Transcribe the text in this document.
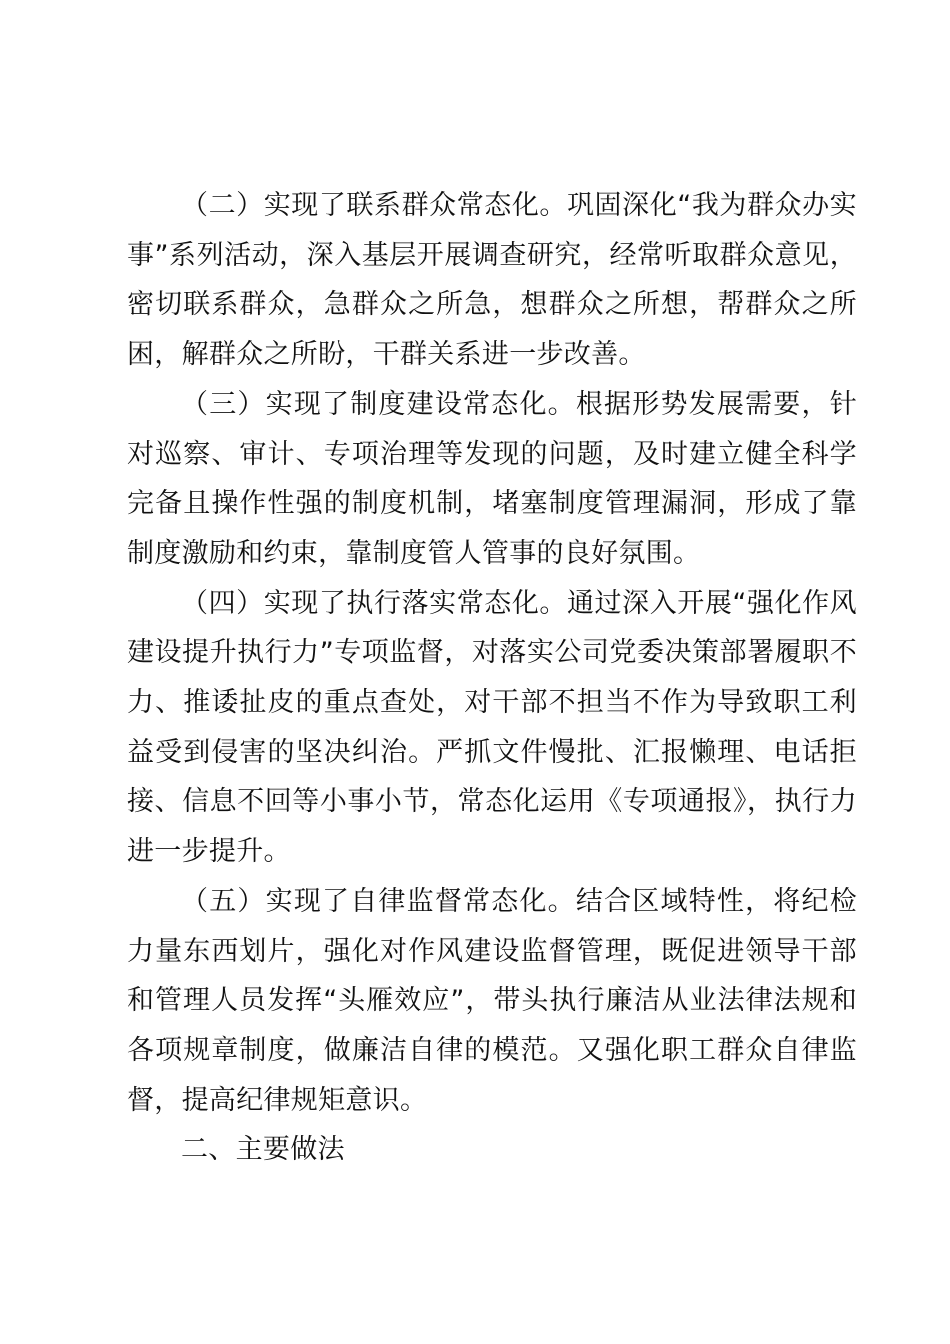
（二）实现了联系群众常态化。巩固深化“我为群众办实事”系列活动，深入基层开展调查研究，经常听取群众意见，密切联系群众，急群众之所急，想群众之所想，帮群众之所困，解群众之所盼，干群关系进一步改善。

（三）实现了制度建设常态化。根据形势发展需要，针对巡察、审计、专项治理等发现的问题，及时建立健全科学完备且操作性强的制度机制，堵塞制度管理漏洞，形成了靠制度激励和约束，靠制度管人管事的良好氛围。

（四）实现了执行落实常态化。通过深入开展“强化作风建设提升执行力”专项监督，对落实公司党委决策部署履职不力、推诿扯皮的重点查处，对干部不担当不作为导致职工利益受到侵害的坚决纠治。严抓文件慢批、汇报懒理、电话拒接、信息不回等小事小节，常态化运用《专项通报》，执行力进一步提升。

（五）实现了自律监督常态化。结合区域特性，将纪检力量东西划片，强化对作风建设监督管理，既促进领导干部和管理人员发挥“头雁效应”，带头执行廉洁从业法律法规和各项规章制度，做廉洁自律的模范。又强化职工群众自律监督，提高纪律规矩意识。

二、主要做法
